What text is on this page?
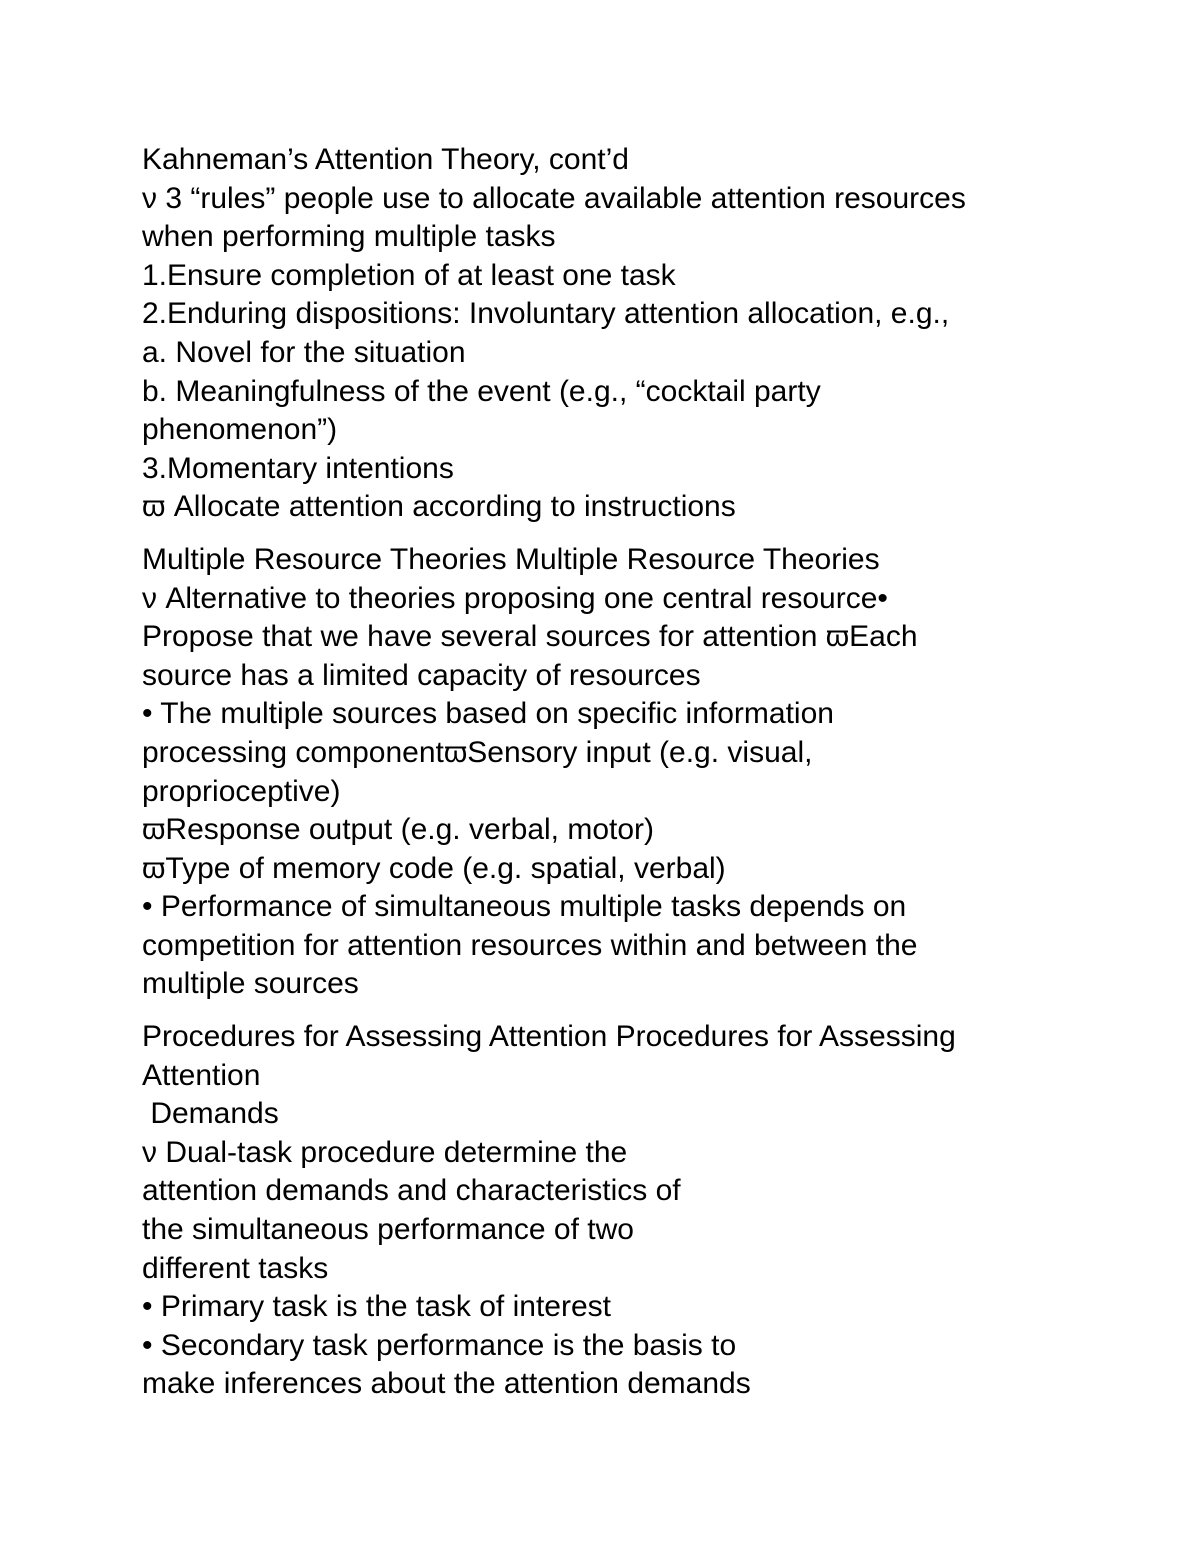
Kahneman’s Attention Theory, cont’d

ν 3 “rules” people use to allocate available attention resources

when performing multiple tasks

1.Ensure completion of at least one task

2.Enduring dispositions: Involuntary attention allocation, e.g.,

a. Novel for the situation

b. Meaningfulness of the event (e.g., “cocktail party

phenomenon”)

3.Momentary intentions

ϖ Allocate attention according to instructions

Multiple Resource Theories Multiple Resource Theories

ν Alternative to theories proposing one central resource•

Propose that we have several sources for attention ϖEach

source has a limited capacity of resources

• The multiple sources based on specific information

processing componentϖSensory input (e.g. visual,

proprioceptive)

ϖResponse output (e.g. verbal, motor)

ϖType of memory code (e.g. spatial, verbal)

• Performance of simultaneous multiple tasks depends on

competition for attention resources within and between the

multiple sources

Procedures for Assessing Attention Procedures for Assessing

Attention

Demands

ν Dual-task procedure determine the

attention demands and characteristics of

the simultaneous performance of two

different tasks

• Primary task is the task of interest

• Secondary task performance is the basis to

make inferences about the attention demands
